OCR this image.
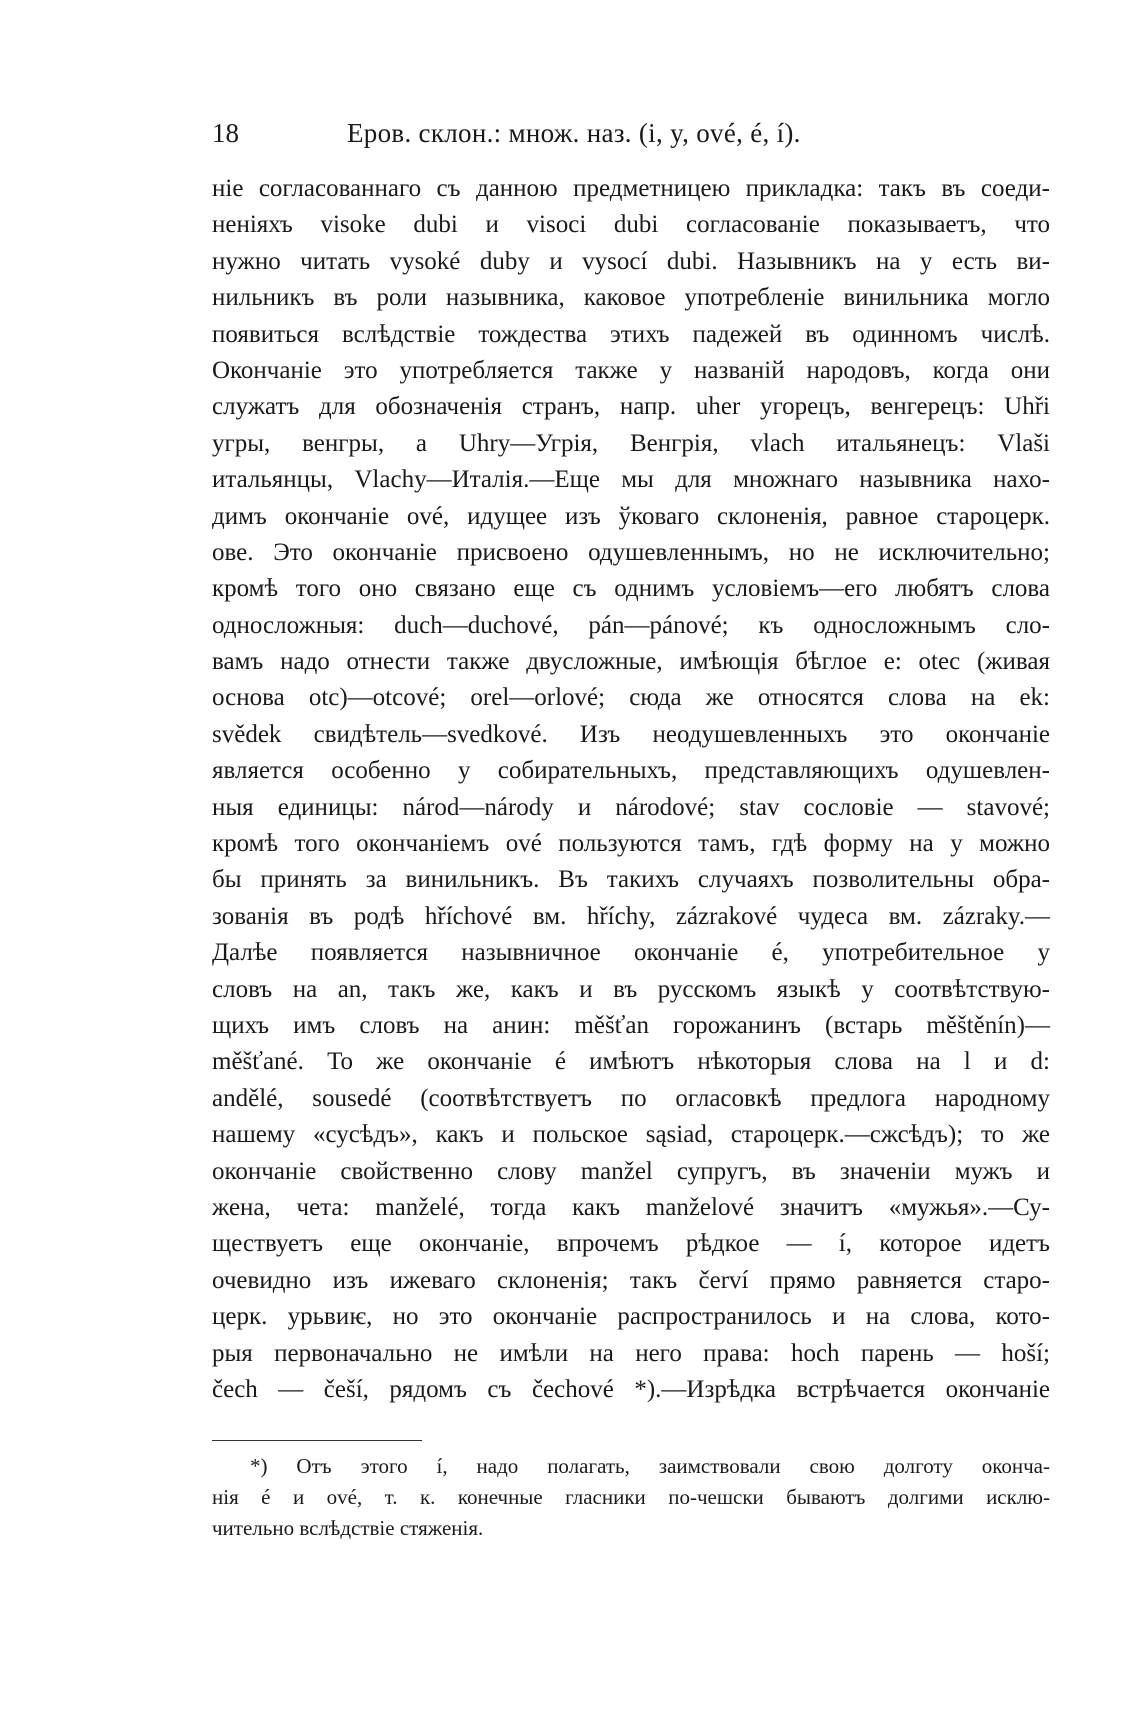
18	Еров. склон.: множ. наз. (i, y, ové, é, í).
ніе согласованнаго съ данною предметницею прикладка: такъ въ соеди-
неніяхъ visoke dubi и visoci dubi согласованіе показываетъ, что
нужно читать vysoké duby и vysocí dubi. Назывникъ на y есть ви-
нильникъ въ роли назывника, каковое употребленіе винильника могло
появиться вслѣдствіе тождества этихъ падежей въ одинномъ числѣ.
Окончаніе это употребляется также у названій народовъ, когда они
служатъ для обозначенія странъ, напр. uher угорецъ, венгерецъ: Uhři
угры, венгры, а Uhry—Угрія, Венгрія, vlach итальянецъ: Vlaši
итальянцы, Vlachy—Италія.—Еще мы для множнаго назывника нахо-
димъ окончаніе ové, идущее изъ ўковаго склоненія, равное староцерк.
ове. Это окончаніе присвоено одушевленнымъ, но не исключительно;
кромѣ того оно связано еще съ однимъ условіемъ—его любятъ слова
односложныя: duch—duchové, pán—pánové; къ односложнымъ сло-
вамъ надо отнести также двусложные, имѣющія бѣглое e: otec (живая
основа otc)—otcové; orel—orlové; сюда же относятся слова на ek:
svědek свидѣтель—svedkové. Изъ неодушевленныхъ это окончаніе
является особенно у собирательныхъ, представляющихъ одушевлен-
ныя единицы: národ—národy и národové; stav сословіе — stavové;
кромѣ того окончаніемъ ové пользуются тамъ, гдѣ форму на у можно
бы принять за винильникъ. Въ такихъ случаяхъ позволительны обра-
зованія въ родѣ hříchové вм. hříchy, zázrakové чудеса вм. zázraky.—
Далѣе появляется назывничное окончаніе é, употребительное у
словъ на an, такъ же, какъ и въ русскомъ языкѣ у соотвѣтствую-
щихъ имъ словъ на анин: měšťan горожанинъ (встарь měštěnín)—
měšťané. То же окончаніе é имѣютъ нѣкоторыя слова на l и d:
andělé, sousedé (соотвѣтствуетъ по огласовкѣ предлога народному
нашему «сусѣдъ», какъ и польское sąsiad, староцерк.—сжсѣдъ); то же
окончаніе свойственно слову manžel супругъ, въ значеніи мужъ и
жена, чета: manželé, тогда какъ manželové значитъ «мужья».—Су-
ществуетъ еще окончаніе, впрочемъ рѣдкое — í, которое идетъ
очевидно изъ ижеваго склоненія; такъ červí прямо равняется старо-
церк. урьвиѥ, но это окончаніе распространилось и на слова, кото-
рыя первоначально не имѣли на него права: hoch парень — hoší;
čech — češí, рядомъ съ čechové *).—Изрѣдка встрѣчается окончаніе
*) Отъ этого í, надо полагать, заимствовали свою долготу оконча-
нія é и ové, т. к. конечные гласники по-чешски бываютъ долгими исклю-
чительно вслѣдствіе стяженія.
